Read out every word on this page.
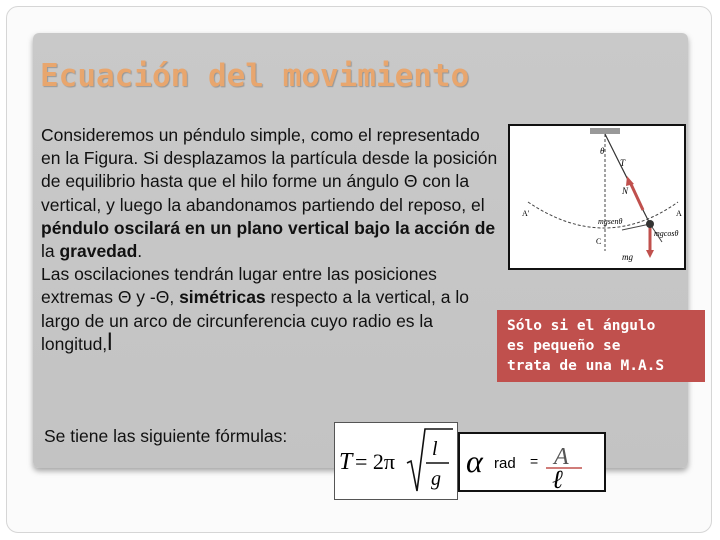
Ecuación del movimiento
Consideremos un péndulo simple, como el representado en la Figura. Si desplazamos la partícula desde la posición de equilibrio hasta que el hilo forme un ángulo Θ con la vertical, y luego la abandonamos partiendo del reposo, el péndulo oscilará en un plano vertical bajo la acción de la gravedad.
Las oscilaciones tendrán lugar entre las posiciones extremas Θ y -Θ, simétricas respecto a la vertical, a lo largo de un arco de circunferencia cuyo radio es la longitud,l
θ
T
N
A'	A
C
mgsenθ
mgcosθ
mg
Sólo si el ángulo
es pequeño se
trata de una M.A.S
Se tiene las siguiente fórmulas:
T = 2π l
g α rad = A
ℓ
